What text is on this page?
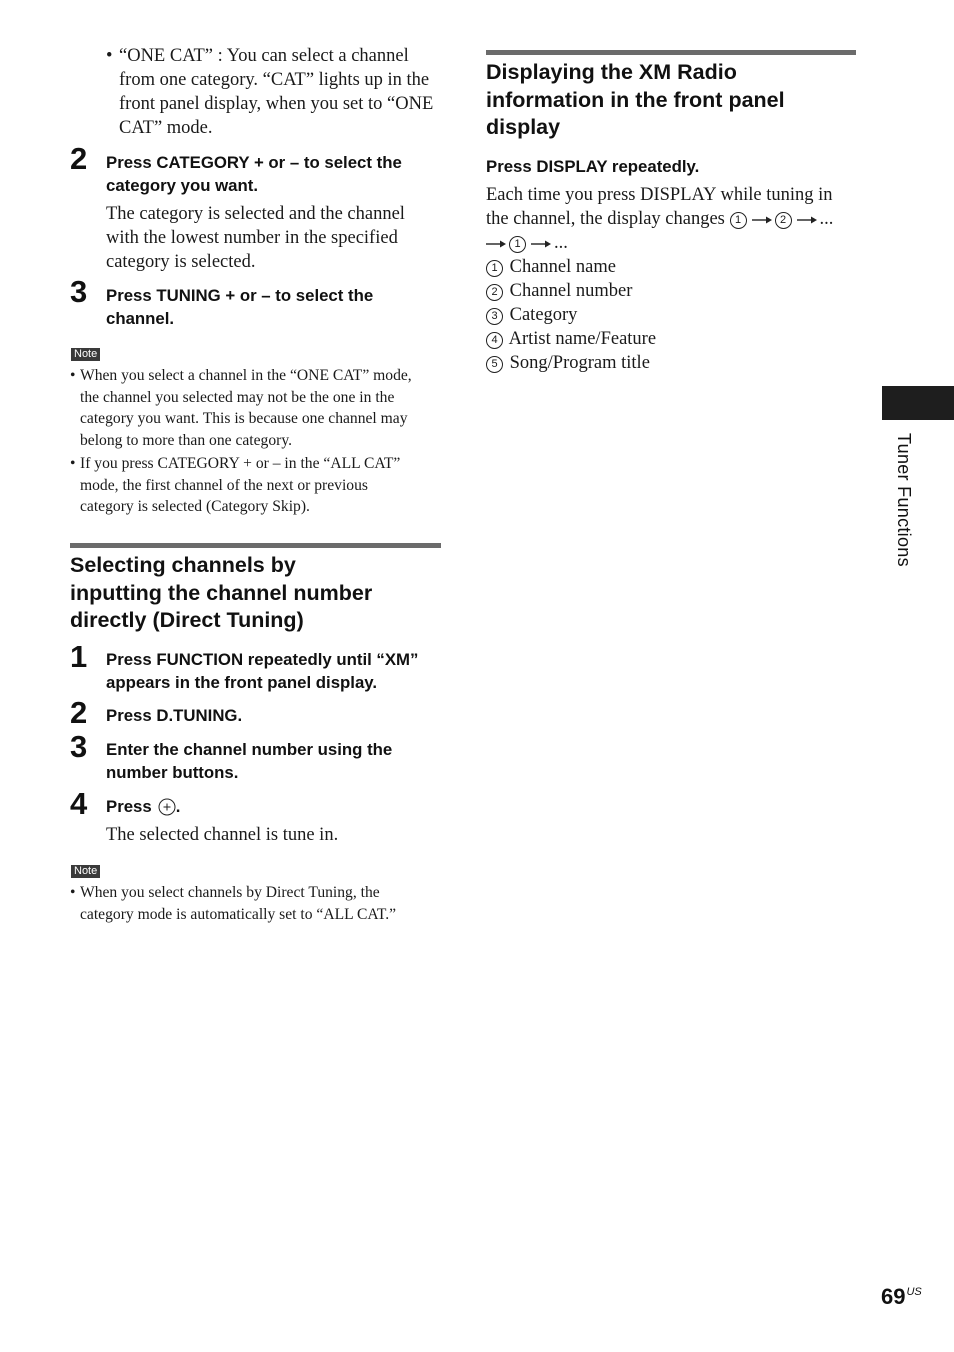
• “ONE CAT” : You can select a channel
from one category. “CAT” lights up in the
front panel display, when you set to “ONE
CAT” mode.
2 Press CATEGORY + or – to select the
category you want.
The category is selected and the channel
with the lowest number in the specified
category is selected.
3 Press TUNING + or – to select the
channel.
Note
• When you select a channel in the “ONE CAT” mode,
the channel you selected may not be the one in the
category you want. This is because one channel may
belong to more than one category.
• If you press CATEGORY + or – in the “ALL CAT”
mode, the first channel of the next or previous
category is selected (Category Skip).
Selecting channels by
inputting the channel number
directly (Direct Tuning)
1 Press FUNCTION repeatedly until “XM”
appears in the front panel display.
2 Press D.TUNING.
3 Enter the channel number using the
number buttons.
4 Press .
The selected channel is tune in.
Note
• When you select channels by Direct Tuning, the
category mode is automatically set to “ALL CAT.”
Displaying the XM Radio
information in the front panel
display
Press DISPLAY repeatedly.
Each time you press DISPLAY while tuning in
the channel, the display changes 1	2 ...
1 ...
1 Channel name
2 Channel number
3 Category
4 Artist name/Feature
5 Song/Program title
Tuner Functions
$69^{US}$
